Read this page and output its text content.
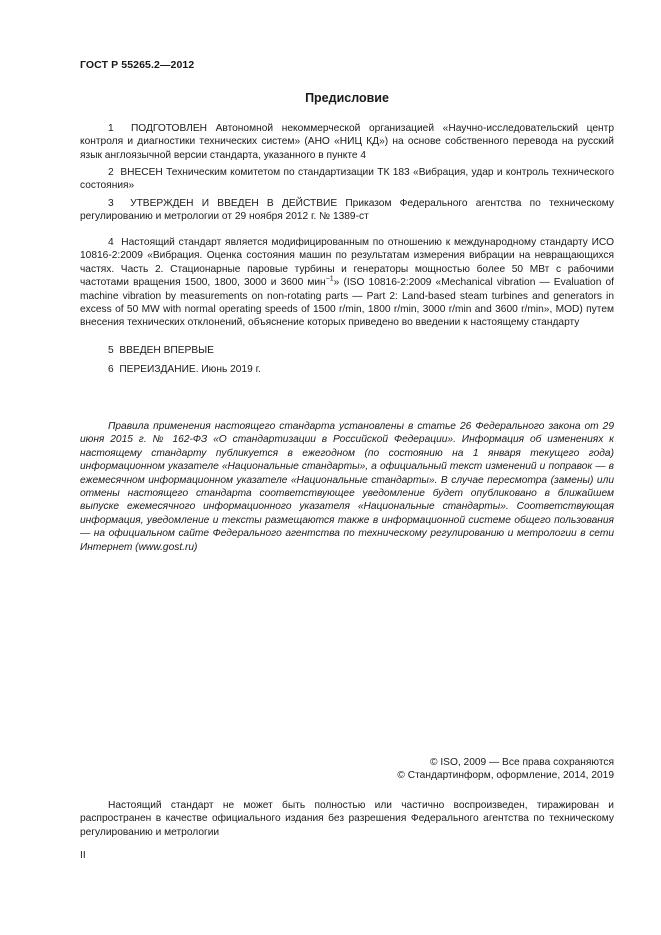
ГОСТ Р 55265.2—2012
Предисловие

1 ПОДГОТОВЛЕН Автономной некоммерческой организацией «Научно-исследовательский центр контроля и диагностики технических систем» (АНО «НИЦ КД») на основе собственного перевода на русский язык англоязычной версии стандарта, указанного в пункте 4

2 ВНЕСЕН Техническим комитетом по стандартизации ТК 183 «Вибрация, удар и контроль технического состояния»

3 УТВЕРЖДЕН И ВВЕДЕН В ДЕЙСТВИЕ Приказом Федерального агентства по техническому регулированию и метрологии от 29 ноября 2012 г. № 1389-ст

4 Настоящий стандарт является модифицированным по отношению к международному стандарту ИСО 10816-2:2009 «Вибрация. Оценка состояния машин по результатам измерения вибрации на невращающихся частях. Часть 2. Стационарные паровые турбины и генераторы мощностью более 50 МВт с рабочими частотами вращения 1500, 1800, 3000 и 3600 мин$^{-1}$» (ISO 10816-2:2009 «Mechanical vibration — Evaluation of machine vibration by measurements on non-rotating parts — Part 2: Land-based steam turbines and generators in excess of 50 MW with normal operating speeds of 1500 r/min, 1800 r/min, 3000 r/min and 3600 r/min», MOD) путем внесения технических отклонений, объяснение которых приведено во введении к настоящему стандарту

5 ВВЕДЕН ВПЕРВЫЕ

6 ПЕРЕИЗДАНИЕ. Июнь 2019 г.

Правила применения настоящего стандарта установлены в статье 26 Федерального закона от 29 июня 2015 г. № 162-ФЗ «О стандартизации в Российской Федерации». Информация об изменениях к настоящему стандарту публикуется в ежегодном (по состоянию на 1 января текущего года) информационном указателе «Национальные стандарты», а официальный текст изменений и поправок — в ежемесячном информационном указателе «Национальные стандарты». В случае пересмотра (замены) или отмены настоящего стандарта соответствующее уведомление будет опубликовано в ближайшем выпуске ежемесячного информационного указателя «Национальные стандарты». Соответствующая информация, уведомление и тексты размещаются также в информационной системе общего пользования — на официальном сайте Федерального агентства по техническому регулированию и метрологии в сети Интернет (www.gost.ru)

© ISO, 2009 — Все права сохраняются
© Стандартинформ, оформление, 2014, 2019

Настоящий стандарт не может быть полностью или частично воспроизведен, тиражирован и распространен в качестве официального издания без разрешения Федерального агентства по техническому регулированию и метрологии

II
